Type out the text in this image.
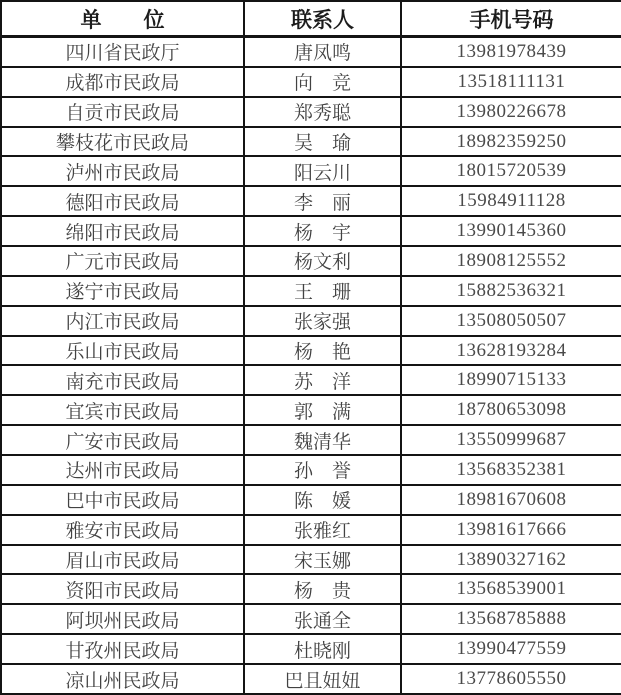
单　　位	联系人	手机号码
四川省民政厅	唐凤鸣	13981978439
成都市民政局	向　竞	13518111131
自贡市民政局	郑秀聪	13980226678
攀枝花市民政局	吴　瑜	18982359250
泸州市民政局	阳云川	18015720539
德阳市民政局	李　丽	15984911128
绵阳市民政局	杨　宇	13990145360
广元市民政局	杨文利	18908125552
遂宁市民政局	王　珊	15882536321
内江市民政局	张家强	13508050507
乐山市民政局	杨　艳	13628193284
南充市民政局	苏　洋	18990715133
宜宾市民政局	郭　满	18780653098
广安市民政局	魏清华	13550999687
达州市民政局	孙　誉	13568352381
巴中市民政局	陈　媛	18981670608
雅安市民政局	张雅红	13981617666
眉山市民政局	宋玉娜	13890327162
资阳市民政局	杨　贵	13568539001
阿坝州民政局	张通全	13568785888
甘孜州民政局	杜晓刚	13990477559
凉山州民政局	巴且妞妞	13778605550
